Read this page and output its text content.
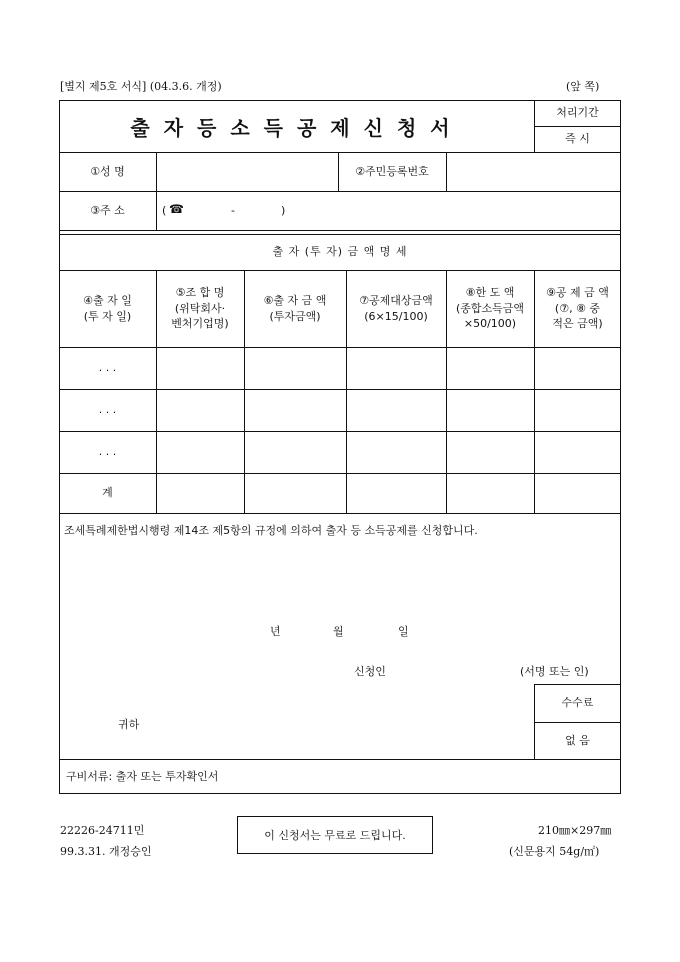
[별지 제5호 서식] (04.3.6. 개정)	(앞 쪽)
출자등소득공제신청서
처리기간
즉 시
①성 명	②주민등록번호
③주 소	( ☎	-	)
출 자 (투 자) 금 액 명 세
④출 자 일
(투 자 일)
⑤조 합 명
(위탁회사·
벤처기업명)
⑥출 자 금 액
(투자금액)
⑦공제대상금액
(6×15/100)
⑧한 도 액
(종합소득금액
×50/100)
⑨공 제 금 액
(⑦, ⑧ 중
적은 금액)
. . .
. . .
. . .
계
조세특례제한법시행령 제14조 제5항의 규정에 의하여 출자 등 소득공제를 신청합니다.
년	월	일
신청인	(서명 또는 인)
수수료
없 음
귀하
구비서류: 출자 또는 투자확인서
22226-24711민
99.3.31. 개정승인
이 신청서는 무료로 드립니다.	210㎜×297㎜
(신문용지 54g/㎡)
